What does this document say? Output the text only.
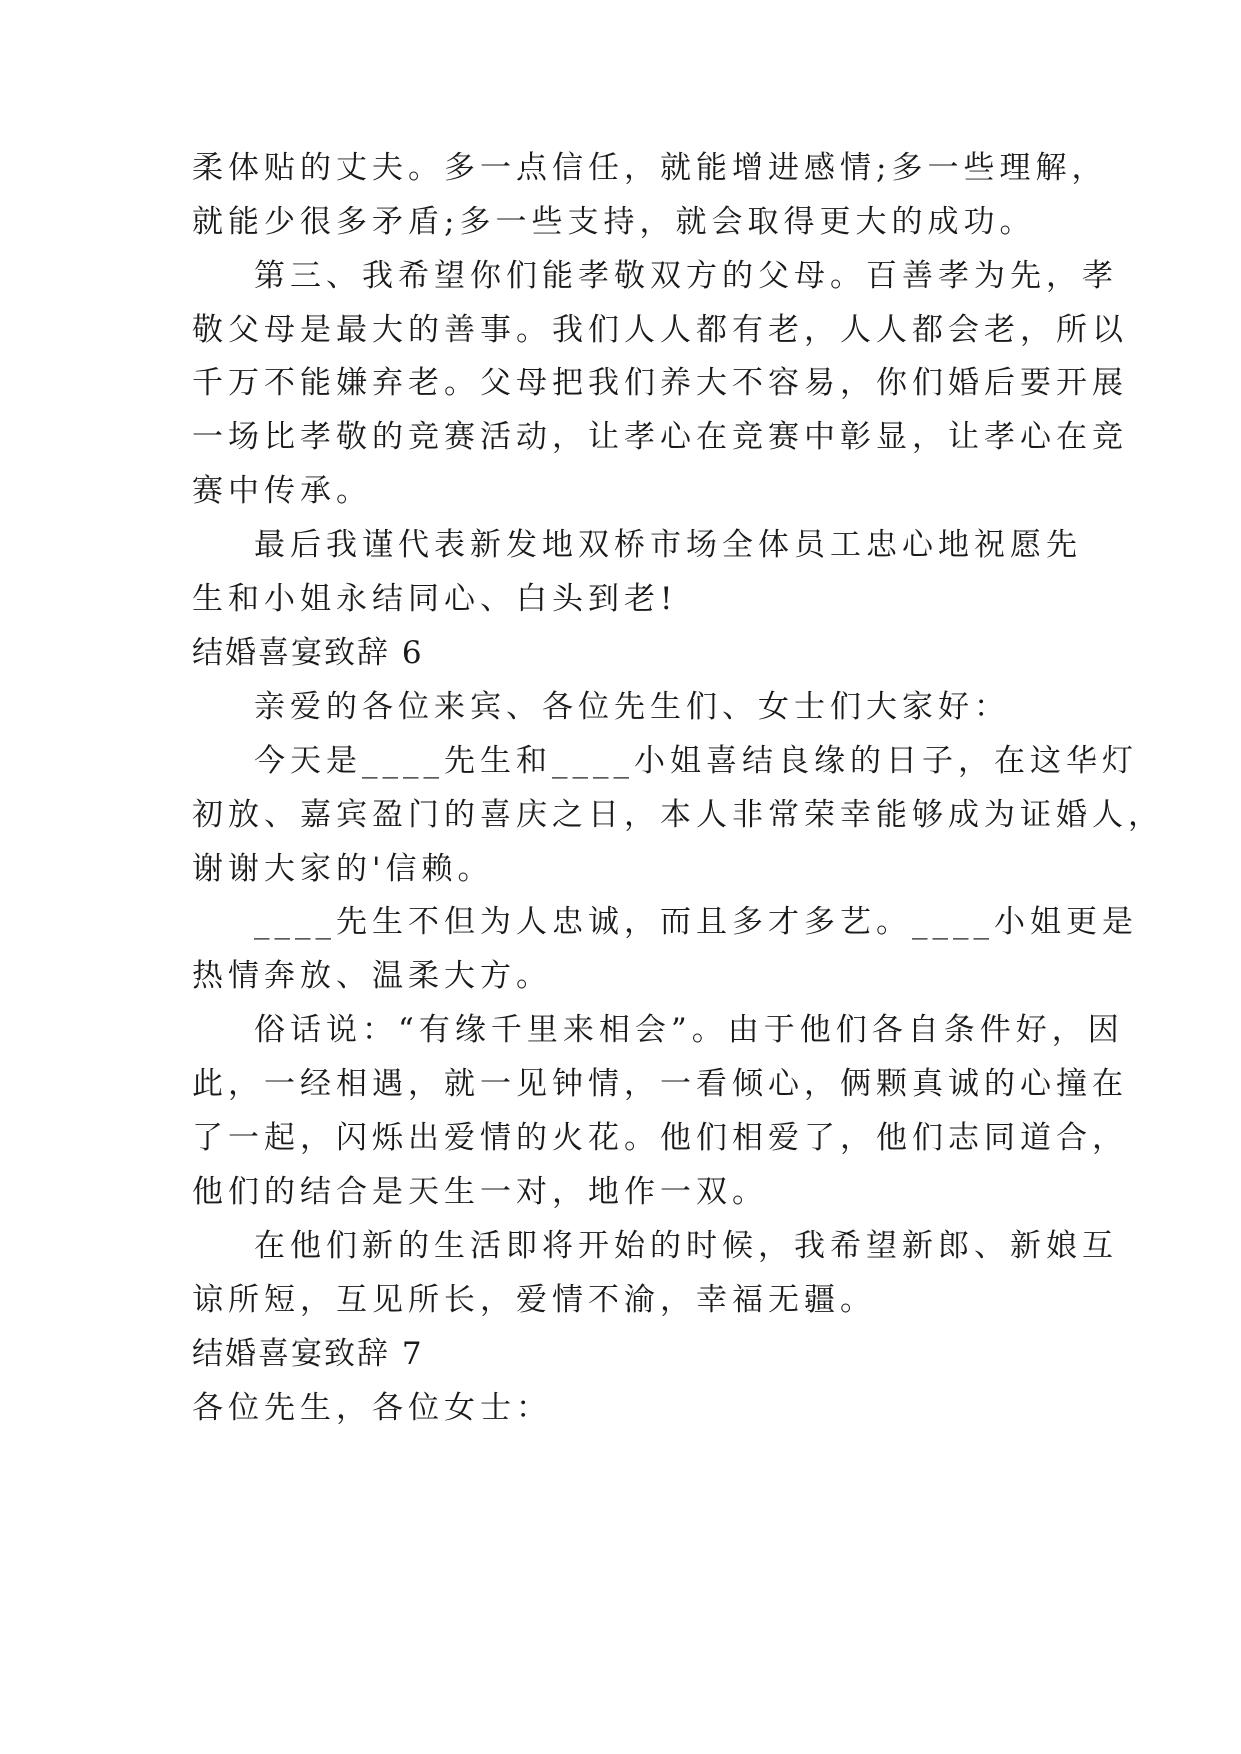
柔体贴的丈夫。多一点信任，就能增进感情;多一些理解，
就能少很多矛盾;多一些支持，就会取得更大的成功。
第三、我希望你们能孝敬双方的父母。百善孝为先，孝
敬父母是最大的善事。我们人人都有老，人人都会老，所以
千万不能嫌弃老。父母把我们养大不容易，你们婚后要开展
一场比孝敬的竞赛活动，让孝心在竞赛中彰显，让孝心在竞
赛中传承。
最后我谨代表新发地双桥市场全体员工忠心地祝愿先
生和小姐永结同心、白头到老!
结婚喜宴致辞 6
亲爱的各位来宾、各位先生们、女士们大家好：
今天是____先生和____小姐喜结良缘的日子，在这华灯
初放、嘉宾盈门的喜庆之日，本人非常荣幸能够成为证婚人，
谢谢大家的'信赖。
____先生不但为人忠诚，而且多才多艺。____小姐更是
热情奔放、温柔大方。
俗话说：“有缘千里来相会”。由于他们各自条件好，因
此，一经相遇，就一见钟情，一看倾心，俩颗真诚的心撞在
了一起，闪烁出爱情的火花。他们相爱了，他们志同道合，
他们的结合是天生一对，地作一双。
在他们新的生活即将开始的时候，我希望新郎、新娘互
谅所短，互见所长，爱情不渝，幸福无疆。
结婚喜宴致辞 7
各位先生，各位女士：
